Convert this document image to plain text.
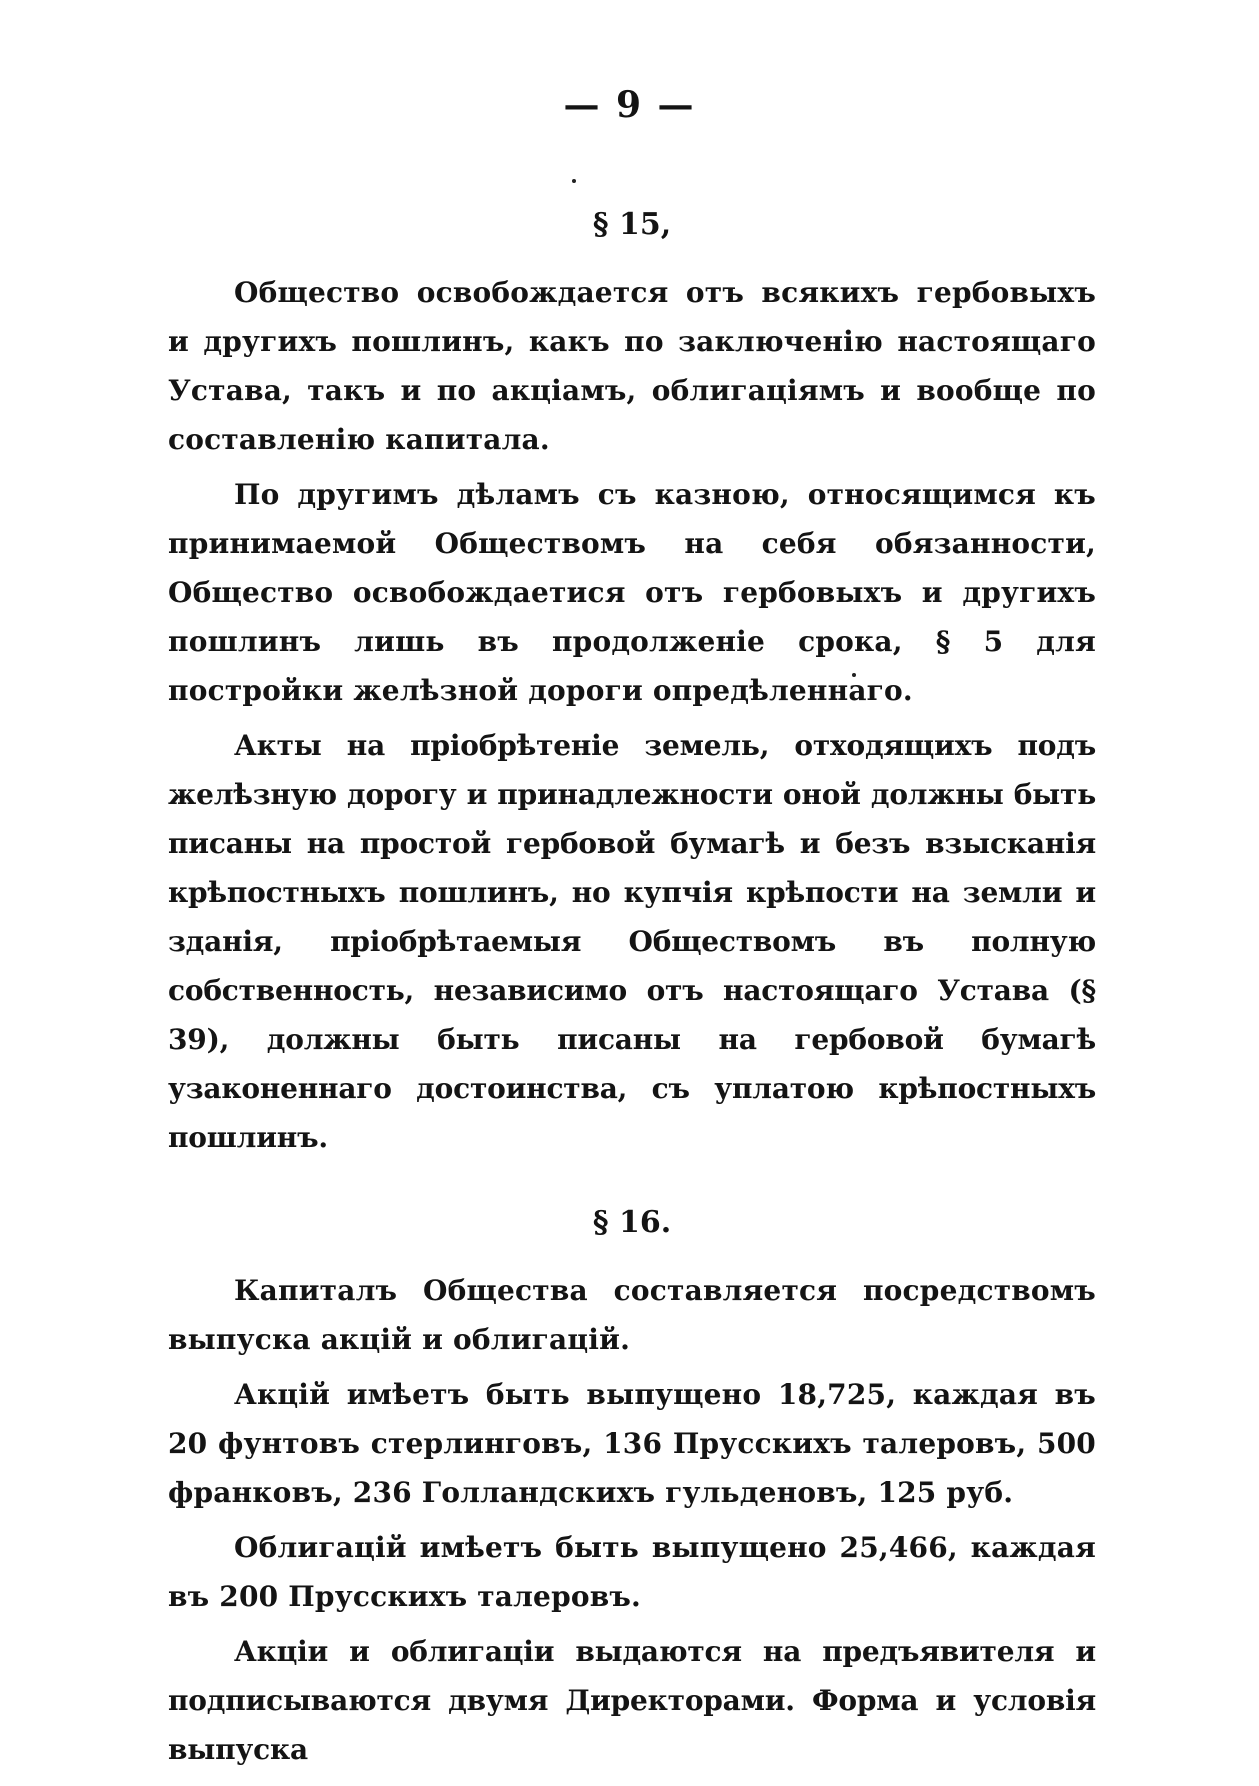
— 9 —
§ 15,

Общество освобождается отъ всякихъ гербовыхъ и другихъ пошлинъ, какъ по заключенію настоящаго Устава, такъ и по акціамъ, облигаціямъ и вообще по составленію капитала.

По другимъ дѣламъ съ казною, относящимся къ принимаемой Обществомъ на себя обязанности, Общество освобождаетися отъ гербовыхъ и другихъ пошлинъ лишь въ продолженіе срока, § 5 для постройки желѣзной дороги опредѣленнаго.

Акты на пріобрѣтеніе земель, отходящихъ подъ желѣзную дорогу и принадлежности оной должны быть писаны на простой гербовой бумагѣ и безъ взысканія крѣпостныхъ пошлинъ, но купчія крѣпости на земли и зданія, пріобрѣтаемыя Обществомъ въ полную собственность, независимо отъ настоящаго Устава (§ 39), должны быть писаны на гербовой бумагѣ узаконеннаго достоинства, съ уплатою крѣпостныхъ пошлинъ.

§ 16.

Капиталъ Общества составляется посредствомъ выпуска акцій и облигацій.

Акцій имѣетъ быть выпущено 18,725, каждая въ 20 фунтовъ стерлинговъ, 136 Прусскихъ талеровъ, 500 франковъ, 236 Голландскихъ гульденовъ, 125 руб.

Облигацій имѣетъ быть выпущено 25,466, каждая въ 200 Прусскихъ талеровъ.

Акціи и облигаціи выдаются на предъявителя и подписываются двумя Директорами. Форма и условія выпуска
